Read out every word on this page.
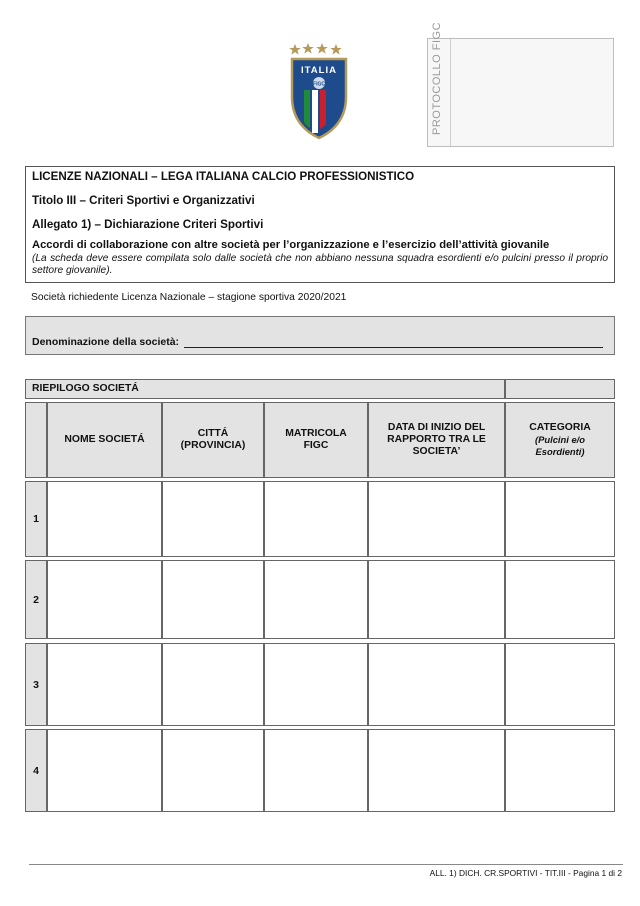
ITALIA
FIGC	PROTOCOLLO FIGC
LICENZE NAZIONALI – LEGA ITALIANA CALCIO PROFESSIONISTICO
Titolo III – Criteri Sportivi e Organizzativi
Allegato 1) – Dichiarazione Criteri Sportivi
Accordi di collaborazione con altre società per l’organizzazione e l’esercizio dell’attività giovanile
(La scheda deve essere compilata solo dalle società che non abbiano nessuna squadra esordienti e/o pulcini presso il proprio settore giovanile).
Società richiedente Licenza Nazionale – stagione sportiva 2020/2021
Denominazione della società:
RIEPILOGO SOCIETÁ
NOME SOCIETÁ
CITTÁ (PROVINCIA)
MATRICOLA FIGC
DATA DI INIZIO DEL RAPPORTO TRA LE SOCIETA’
CATEGORIA
(Pulcini e/o Esordienti)
1
2
3
4
ALL. 1) DICH. CR.SPORTIVI - TIT.III - Pagina 1 di 2
